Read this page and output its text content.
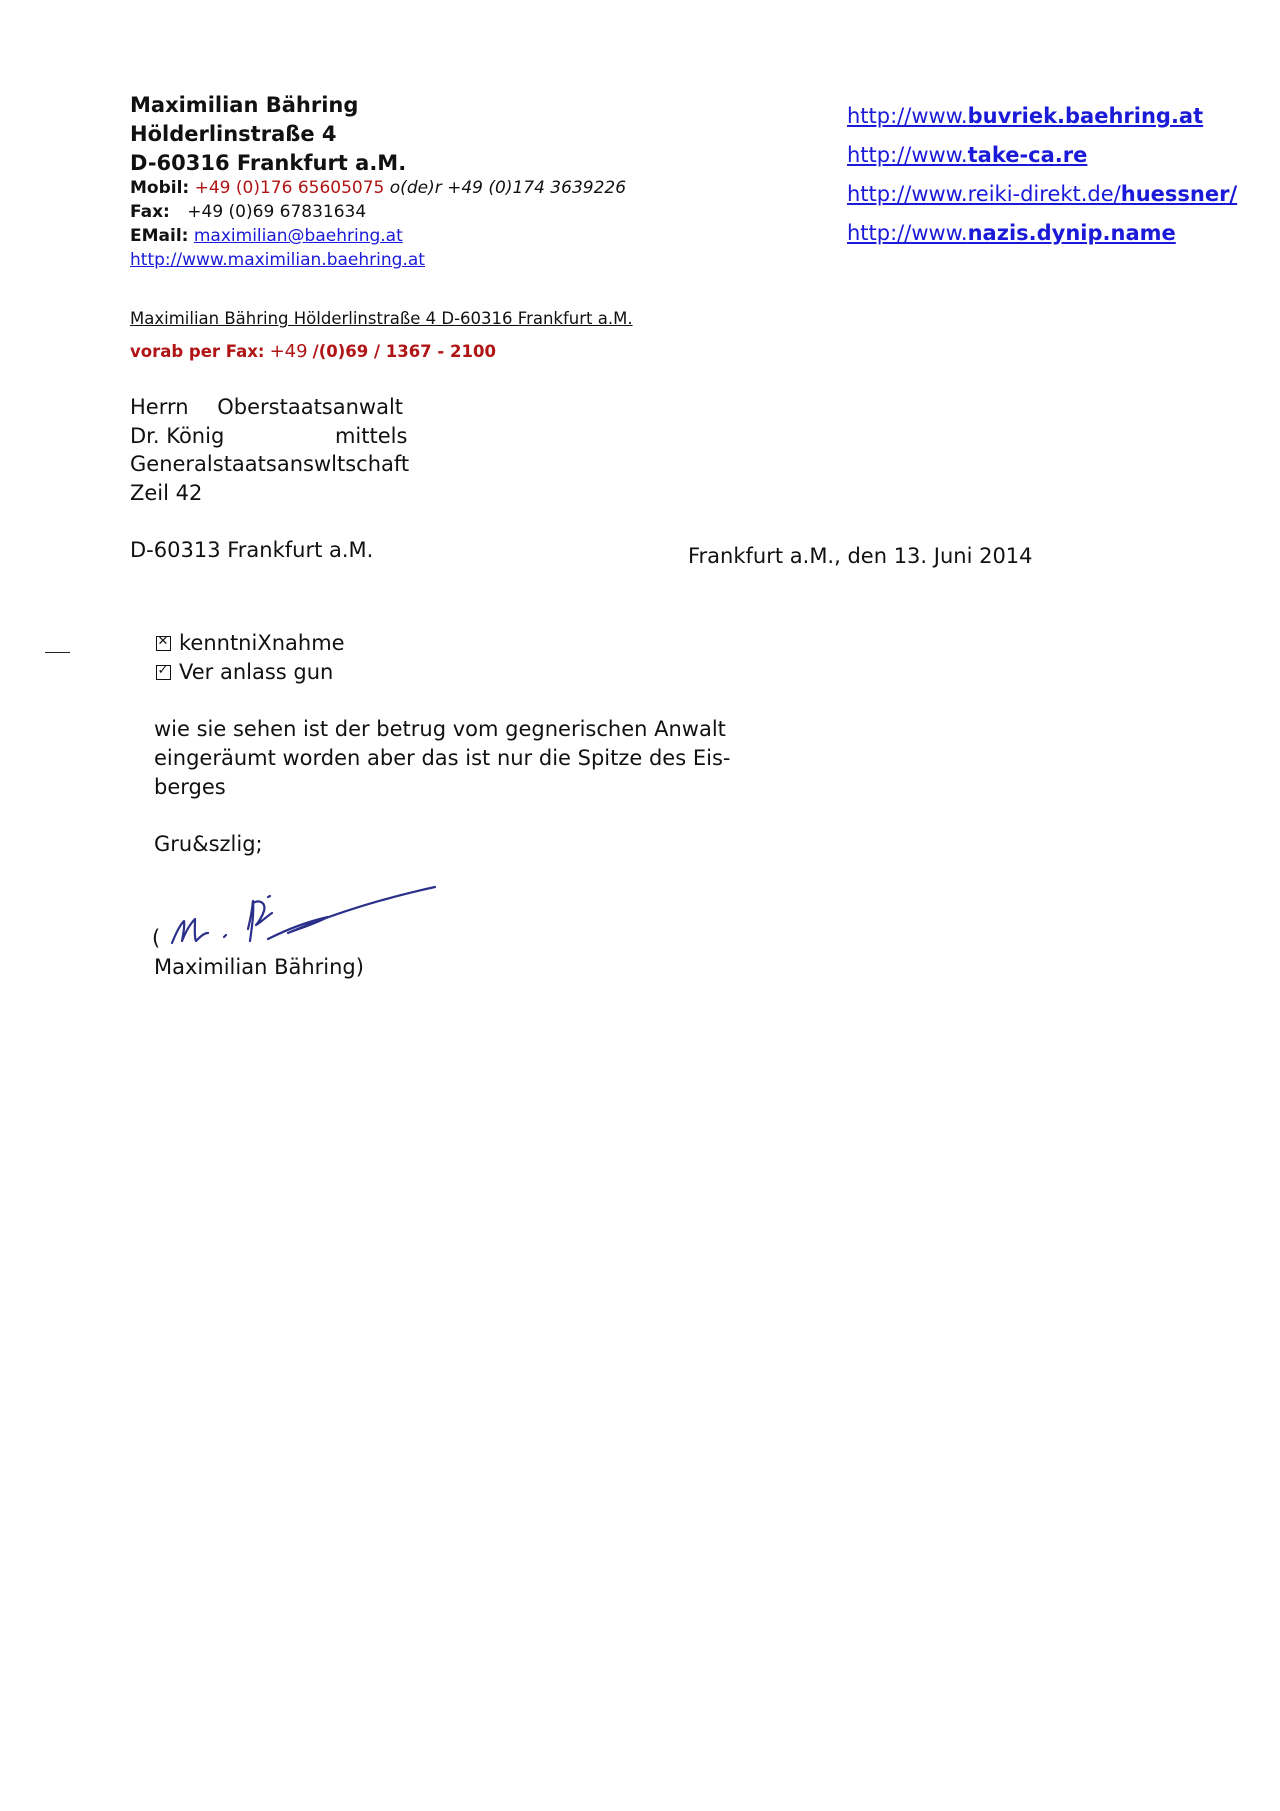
Maximilian Bähring
Hölderlinstraße 4
D-60316 Frankfurt a.M.
Mobil: +49 (0)176 65605075 o(de)r +49 (0)174 3639226
Fax: +49 (0)69 67831634
EMail: maximilian@baehring.at
http://www.maximilian.baehring.at
http://www.buvriek.baehring.at
http://www.take-ca.re
http://www.reiki-direkt.de/huessner/
http://www.nazis.dynip.name
Maximilian Bähring Hölderlinstraße 4 D-60316 Frankfurt a.M.
vorab per Fax: +49 /(0)69 / 1367 - 2100
Herrn Oberstaatsanwalt
Dr. König	mittels
Generalstaatsanswltschaft
Zeil 42
D-60313 Frankfurt a.M.	Frankfurt a.M., den 13. Juni 2014
✕ kenntniXnahme
✓ Ver anlass gun
wie sie sehen ist der betrug vom gegnerischen Anwalt
eingeräumt worden aber das ist nur die Spitze des Eis-
berges
Gru&szlig;
(
Maximilian Bähring)
